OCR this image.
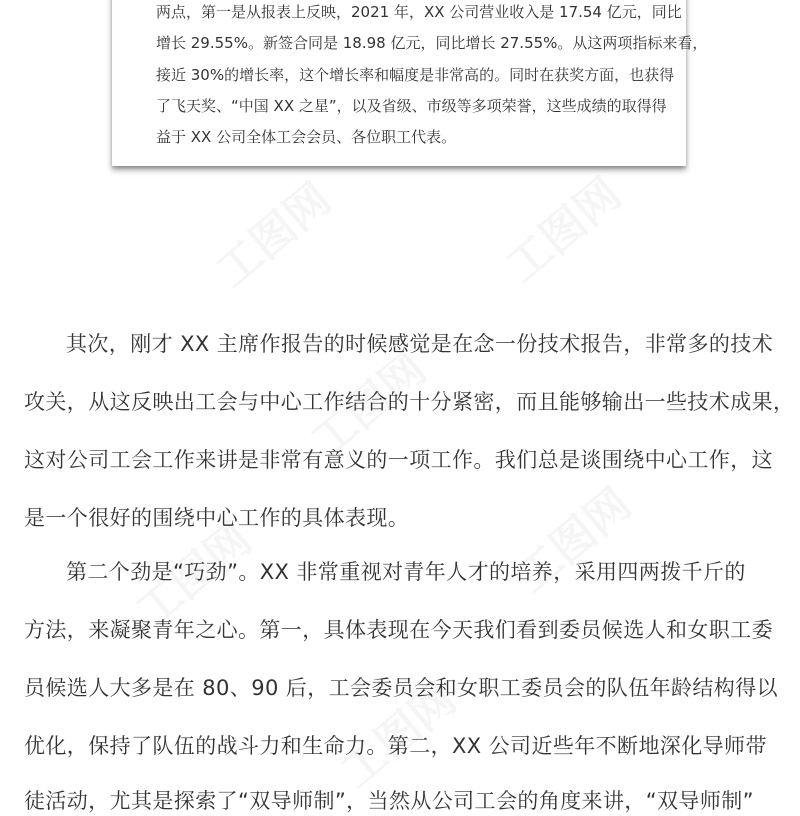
两点，第一是从报表上反映，2021 年，XX 公司营业收入是 17.54 亿元，同比
增长 29.55%。新签合同是 18.98 亿元，同比增长 27.55%。从这两项指标来看，
接近 30%的增长率，这个增长率和幅度是非常高的。同时在获奖方面，也获得
了飞天奖、“中国 XX 之星”，以及省级、市级等多项荣誉，这些成绩的取得得
益于 XX 公司全体工会会员、各位职工代表。
工图网	工图网
工图网
工图网	工图网
工图网
其次，刚才 XX 主席作报告的时候感觉是在念一份技术报告，非常多的技术
攻关，从这反映出工会与中心工作结合的十分紧密，而且能够输出一些技术成果，
这对公司工会工作来讲是非常有意义的一项工作。我们总是谈围绕中心工作，这
是一个很好的围绕中心工作的具体表现。
第二个劲是“巧劲”。XX 非常重视对青年人才的培养，采用四两拨千斤的
方法，来凝聚青年之心。第一，具体表现在今天我们看到委员候选人和女职工委
员候选人大多是在 80、90 后，工会委员会和女职工委员会的队伍年龄结构得以
优化，保持了队伍的战斗力和生命力。第二，XX 公司近些年不断地深化导师带
徒活动，尤其是探索了“双导师制”，当然从公司工会的角度来讲，“双导师制”
